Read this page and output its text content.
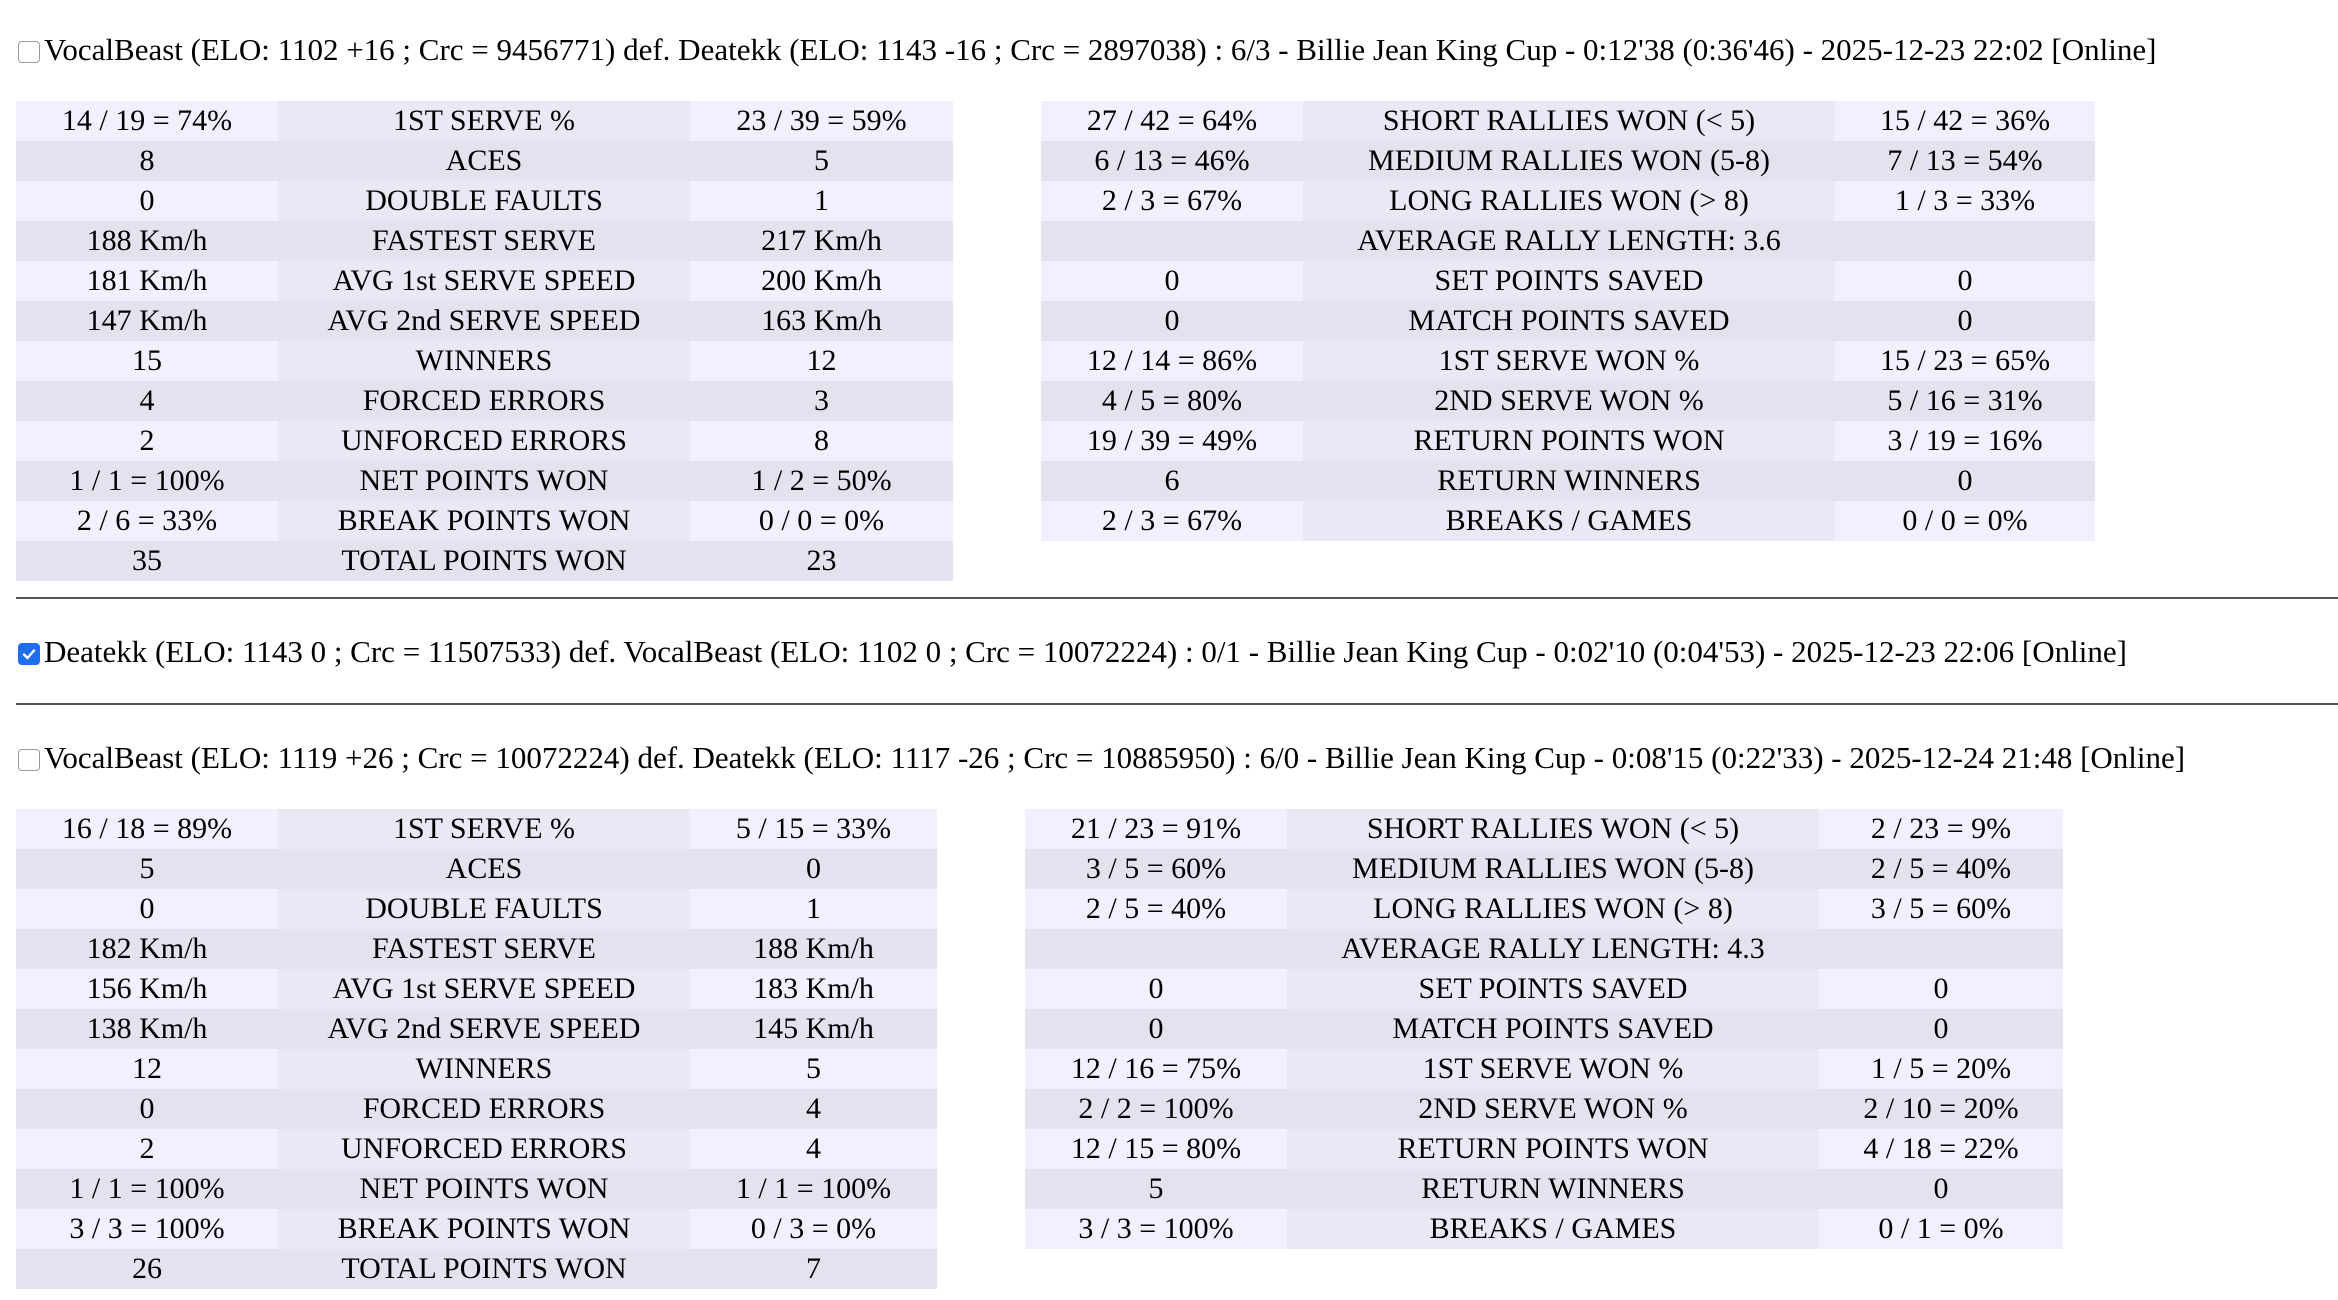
VocalBeast (ELO: 1102 +16 ; Crc = 9456771) def. Deatekk (ELO: 1143 -16 ; Crc = 2897038) : 6/3 - Billie Jean King Cup - 0:12'38 (0:36'46) - 2025-12-23 22:02 [Online]
14 / 19 = 74%	1ST SERVE %	23 / 39 = 59%
8	ACES	5
0	DOUBLE FAULTS	1
188 Km/h	FASTEST SERVE	217 Km/h
181 Km/h	AVG 1st SERVE SPEED	200 Km/h
147 Km/h	AVG 2nd SERVE SPEED	163 Km/h
15	WINNERS	12
4	FORCED ERRORS	3
2	UNFORCED ERRORS	8
1 / 1 = 100%	NET POINTS WON	1 / 2 = 50%
2 / 6 = 33%	BREAK POINTS WON	0 / 0 = 0%
35	TOTAL POINTS WON	23
27 / 42 = 64%	SHORT RALLIES WON (< 5)	15 / 42 = 36%
6 / 13 = 46%	MEDIUM RALLIES WON (5-8)	7 / 13 = 54%
2 / 3 = 67%	LONG RALLIES WON (> 8)	1 / 3 = 33%
	AVERAGE RALLY LENGTH: 3.6	
0	SET POINTS SAVED	0
0	MATCH POINTS SAVED	0
12 / 14 = 86%	1ST SERVE WON %	15 / 23 = 65%
4 / 5 = 80%	2ND SERVE WON %	5 / 16 = 31%
19 / 39 = 49%	RETURN POINTS WON	3 / 19 = 16%
6	RETURN WINNERS	0
2 / 3 = 67%	BREAKS / GAMES	0 / 0 = 0%
Deatekk (ELO: 1143 0 ; Crc = 11507533) def. VocalBeast (ELO: 1102 0 ; Crc = 10072224) : 0/1 - Billie Jean King Cup - 0:02'10 (0:04'53) - 2025-12-23 22:06 [Online]
VocalBeast (ELO: 1119 +26 ; Crc = 10072224) def. Deatekk (ELO: 1117 -26 ; Crc = 10885950) : 6/0 - Billie Jean King Cup - 0:08'15 (0:22'33) - 2025-12-24 21:48 [Online]
16 / 18 = 89%	1ST SERVE %	5 / 15 = 33%
5	ACES	0
0	DOUBLE FAULTS	1
182 Km/h	FASTEST SERVE	188 Km/h
156 Km/h	AVG 1st SERVE SPEED	183 Km/h
138 Km/h	AVG 2nd SERVE SPEED	145 Km/h
12	WINNERS	5
0	FORCED ERRORS	4
2	UNFORCED ERRORS	4
1 / 1 = 100%	NET POINTS WON	1 / 1 = 100%
3 / 3 = 100%	BREAK POINTS WON	0 / 3 = 0%
26	TOTAL POINTS WON	7
21 / 23 = 91%	SHORT RALLIES WON (< 5)	2 / 23 = 9%
3 / 5 = 60%	MEDIUM RALLIES WON (5-8)	2 / 5 = 40%
2 / 5 = 40%	LONG RALLIES WON (> 8)	3 / 5 = 60%
	AVERAGE RALLY LENGTH: 4.3	
0	SET POINTS SAVED	0
0	MATCH POINTS SAVED	0
12 / 16 = 75%	1ST SERVE WON %	1 / 5 = 20%
2 / 2 = 100%	2ND SERVE WON %	2 / 10 = 20%
12 / 15 = 80%	RETURN POINTS WON	4 / 18 = 22%
5	RETURN WINNERS	0
3 / 3 = 100%	BREAKS / GAMES	0 / 1 = 0%
